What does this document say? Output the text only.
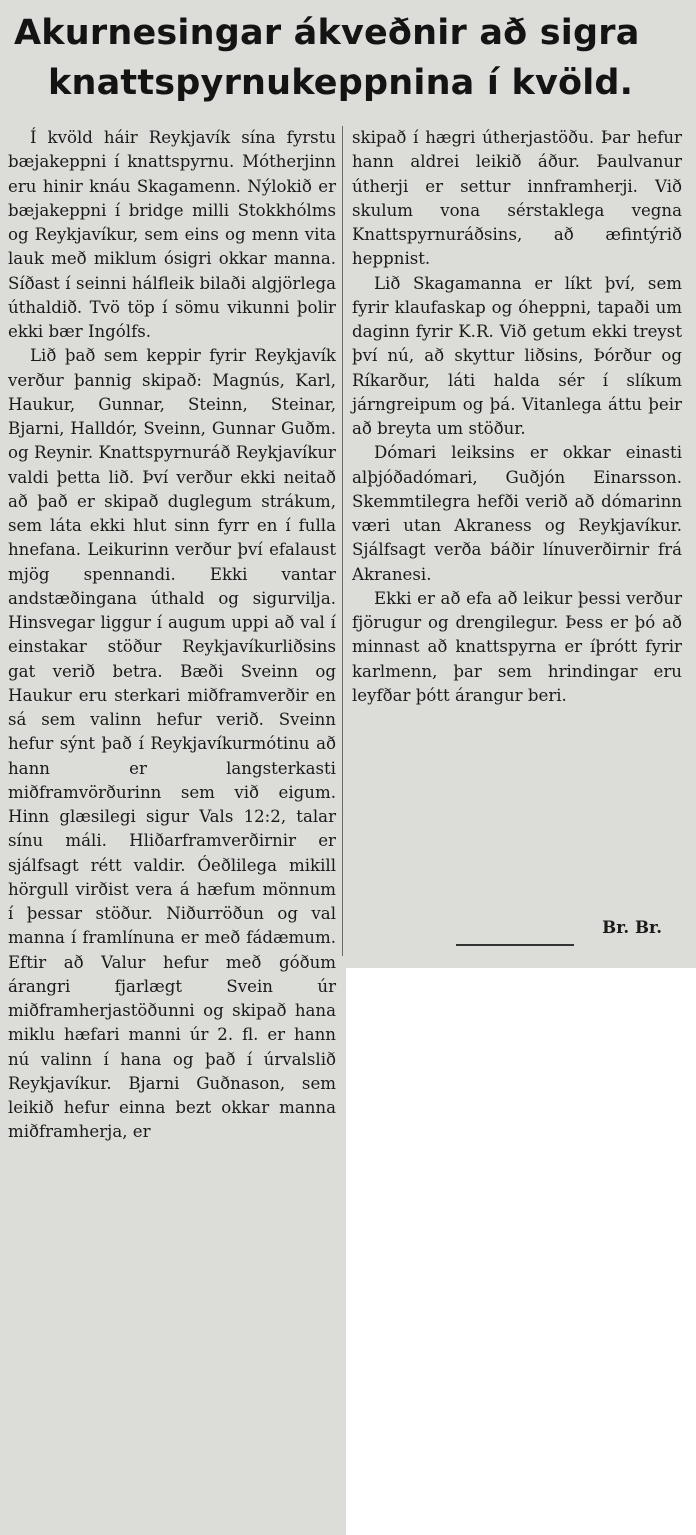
Akurnesingar ákveðnir að sigra
knattspyrnukeppnina í kvöld.

Í kvöld háir Reykjavík sína fyrstu bæjakeppni í knattspyrnu. Mótherjinn eru hinir knáu Skagamenn. Nýlokið er bæjakeppni í bridge milli Stokkhólms og Reykjavíkur, sem eins og menn vita lauk með miklum ósigri okkar manna. Síðast í seinni hálfleik bilaði algjörlega úthaldið. Tvö töp í sömu vikunni þolir ekki bær Ingólfs.

Lið það sem keppir fyrir Reykjavík verður þannig skipað: Magnús, Karl, Haukur, Gunnar, Steinn, Steinar, Bjarni, Halldór, Sveinn, Gunnar Guðm. og Reynir. Knattspyrnuráð Reykjavíkur valdi þetta lið. Því verður ekki neitað að það er skipað duglegum strákum, sem láta ekki hlut sinn fyrr en í fulla hnefana. Leikurinn verður því efalaust mjög spennandi. Ekki vantar andstæðingana úthald og sigurvilja. Hinsvegar liggur í augum uppi að val í einstakar stöður Reykjavíkurliðsins gat verið betra. Bæði Sveinn og Haukur eru sterkari miðframverðir en sá sem valinn hefur verið. Sveinn hefur sýnt það í Reykjavíkurmótinu að hann er langsterkasti miðframvörðurinn sem við eigum. Hinn glæsilegi sigur Vals 12:2, talar sínu máli. Hliðarframverðirnir er sjálfsagt rétt valdir. Óeðlilega mikill hörgull virðist vera á hæfum mönnum í þessar stöður. Niðurröðun og val manna í framlínuna er með fádæmum. Eftir að Valur hefur með góðum árangri fjarlægt Svein úr miðframherjastöðunni og skipað hana miklu hæfari manni úr 2. fl. er hann nú valinn í hana og það í úrvalslið Reykjavíkur. Bjarni Guðnason, sem leikið hefur einna bezt okkar manna miðframherja, er

skipað í hægri útherjastöðu. Þar hefur hann aldrei leikið áður. Þaulvanur útherji er settur innframherji. Við skulum vona sérstaklega vegna Knattspyrnuráðsins, að æfintýrið heppnist.

Lið Skagamanna er líkt því, sem fyrir klaufaskap og óheppni, tapaði um daginn fyrir K.R. Við getum ekki treyst því nú, að skyttur liðsins, Þórður og Ríkarður, láti halda sér í slíkum járngreipum og þá. Vitanlega áttu þeir að breyta um stöður.

Dómari leiksins er okkar einasti alþjóðadómari, Guðjón Einarsson. Skemmtilegra hefði verið að dómarinn væri utan Akraness og Reykjavíkur. Sjálfsagt verða báðir línuverðirnir frá Akranesi.

Ekki er að efa að leikur þessi verður fjörugur og drengilegur. Þess er þó að minnast að knattspyrna er íþrótt fyrir karlmenn, þar sem hrindingar eru leyfðar þótt árangur beri.

Br. Br.
